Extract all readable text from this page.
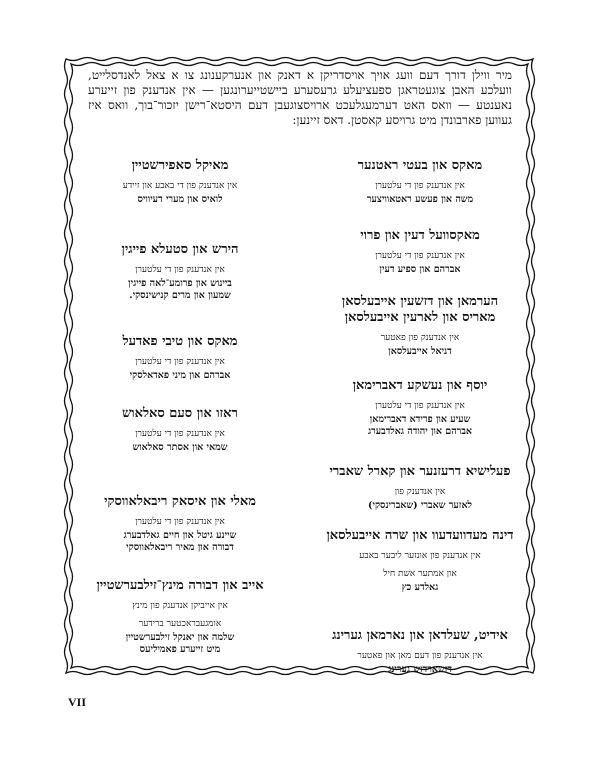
מיר ווילן דורך דעם וועג אויך אויסדריקן א דאנק און אנערקענונג צו א צאל לאנדסלייט, וועלכע האבן צוגעטראגן ספעציעלע גרעסערע ביישטייערונגען — אין אנדענק פון זייערע נאענטע — וואס האט דערמעגלעכט ארויסצוגעבן דעם היסטא־רישן יזכור־בוך, וואס איז געווען פארבונדן מיט גרויסע קאסטן. דאס זיינען:

מאקס און בעטי ראטנער
אין אנדענק פון די עלטערן
משה און פעשע ראטאוויצער
מאקסוועל דעין און פרוי
אין אנדענק פון די עלטערן
אברהם און ספיע דעין
הערמאן און דזשעין אייבעלסאן
מאריס און לארעין אייבעלסאן
אין אנדענק פון פאטער
דניאל אייבעלסאן
יוסף און נעשקע דאברימאן
אין אנדענק פון די עלטערן
שעיע און פרידא דאברימאן
אברהם און יהודה גאלדבערג
פעלישיא דרעזנער און קארל שאברי
אין אנדענק פון
לאזער שאברי (שאברינסקי)
דינה מעדוועדעוו און שרה אייבעלסאן
אין אנדענק פון אונזער ליבער באבע
און אמתער אשת חיל
גאלדע כץ
אידיט, שעלדאן און נארמאן גערינג
אין אנדענק פון דעם מאן און פאטער
דזשארדזש גערינג
מאיקל סאפירשטיין
אין אנדענק פון די באבע און זיידע
לואיס און מערי דעיוויס
הירש און סטעלא פייגין
אין אנדענק פון די עלטערן
בײנוש און פרומע־לאה פייגין
שמעון און מרים קנישינסקי.
מאקס און טיבי פאדעל
אין אנדענק פון די עלטערן
אברהם און מיני פאדאלסקי
ראזו און סעם סאלאוש
אין אנדענק פון די עלטערן
שמאי און אסתר סאלאוש
מאלי און איסאק ריבאלאווסקי
אין אנדענק פון די עלטערן
שיינע גיטל און חיים גאלדבערג
דבורה און מאיר ריבאלאווסקי
אייב און דבורה מינץ־זילבערשטיין
אין אייביקן אנדענק פון מינץ
אומגעבראכטער ברידער
שלמה און יאנקל זילבערשטיין
מיט זייערע פאמיליעס
VII
